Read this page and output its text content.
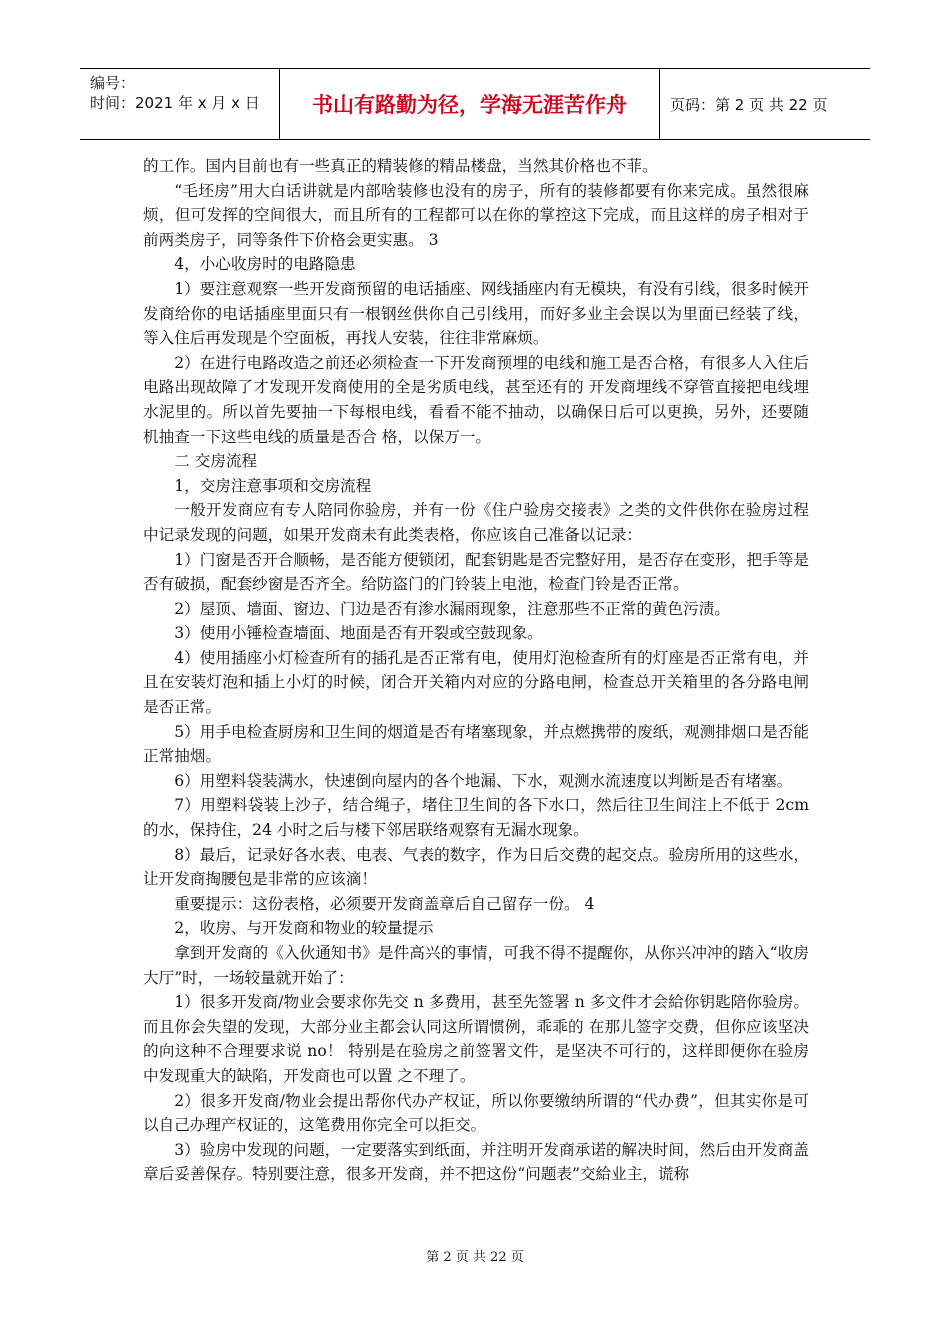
编号：
时间：2021 年 x 月 x 日	书山有路勤为径，学海无涯苦作舟	页码：第 2 页 共 22 页

的工作。国内目前也有一些真正的精装修的精品楼盘，当然其价格也不菲。

“毛坯房”用大白话讲就是内部啥装修也没有的房子，所有的装修都要有你来完成。虽然很麻烦，但可发挥的空间很大，而且所有的工程都可以在你的掌控这下完成，而且这样的房子相对于前两类房子，同等条件下价格会更实惠。 3

4，小心收房时的电路隐患

1）要注意观察一些开发商预留的电话插座、网线插座内有无模块，有没有引线，很多时候开发商给你的电话插座里面只有一根钢丝供你自己引线用，而好多业主会误以为里面已经装了线，等入住后再发现是个空面板，再找人安装，往往非常麻烦。

2）在进行电路改造之前还必须检查一下开发商预埋的电线和施工是否合格，有很多人入住后电路出现故障了才发现开发商使用的全是劣质电线，甚至还有的 开发商埋线不穿管直接把电线埋水泥里的。所以首先要抽一下每根电线，看看不能不抽动，以确保日后可以更换，另外，还要随机抽查一下这些电线的质量是否合 格，以保万一。

二 交房流程

1，交房注意事项和交房流程

一般开发商应有专人陪同你验房，并有一份《住户验房交接表》之类的文件供你在验房过程中记录发现的问题，如果开发商未有此类表格，你应该自己准备以记录：

1）门窗是否开合顺畅，是否能方便锁闭，配套钥匙是否完整好用，是否存在变形，把手等是否有破损，配套纱窗是否齐全。给防盗门的门铃装上电池，检查门铃是否正常。

2）屋顶、墙面、窗边、门边是否有渗水漏雨现象，注意那些不正常的黄色污渍。

3）使用小锤检查墙面、地面是否有开裂或空鼓现象。

4）使用插座小灯检查所有的插孔是否正常有电，使用灯泡检查所有的灯座是否正常有电，并且在安装灯泡和插上小灯的时候，闭合开关箱内对应的分路电闸，检查总开关箱里的各分路电闸是否正常。

5）用手电检查厨房和卫生间的烟道是否有堵塞现象，并点燃携带的废纸，观测排烟口是否能正常抽烟。

6）用塑料袋装满水，快速倒向屋内的各个地漏、下水，观测水流速度以判断是否有堵塞。

7）用塑料袋装上沙子，结合绳子，堵住卫生间的各下水口，然后往卫生间注上不低于 2cm 的水，保持住，24 小时之后与楼下邻居联络观察有无漏水现象。

8）最后，记录好各水表、电表、气表的数字，作为日后交费的起交点。验房所用的这些水，让开发商掏腰包是非常的应该滴！

重要提示：这份表格，必须要开发商盖章后自己留存一份。 4

2，收房、与开发商和物业的较量提示

拿到开发商的《入伙通知书》是件高兴的事情，可我不得不提醒你，从你兴冲冲的踏入“收房大厅”时，一场较量就开始了：

1）很多开发商/物业会要求你先交 n 多费用，甚至先签署 n 多文件才会給你钥匙陪你验房。而且你会失望的发现，大部分业主都会认同这所谓惯例，乖乖的 在那儿签字交费，但你应该坚决的向这种不合理要求说 no！ 特别是在验房之前签署文件，是坚决不可行的，这样即便你在验房中发现重大的缺陷，开发商也可以置 之不理了。

2）很多开发商/物业会提出帮你代办产权证，所以你要缴纳所谓的“代办费”，但其实你是可以自己办理产权证的，这笔费用你完全可以拒交。

3）验房中发现的问题，一定要落实到纸面，并注明开发商承诺的解决时间，然后由开发商盖章后妥善保存。特别要注意，很多开发商，并不把这份“问题表”交給业主，谎称

第 2 页 共 22 页
